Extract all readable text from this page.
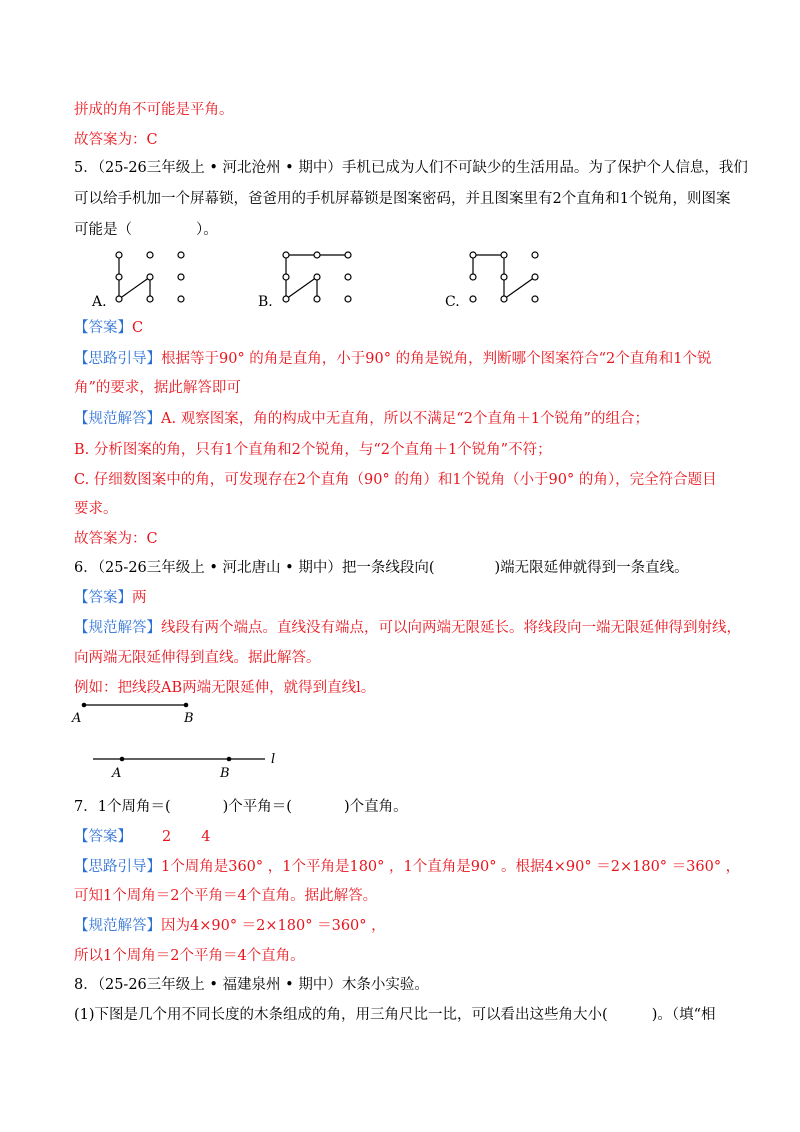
拼成的角不可能是平角。
故答案为：C
5．（25-26三年级上 • 河北沧州 • 期中）手机已成为人们不可缺少的生活用品。为了保护个人信息，我们
可以给手机加一个屏幕锁，爸爸用的手机屏幕锁是图案密码，并且图案里有2个直角和1个锐角，则图案
可能是（	）。
A.	B.	C.
【答案】C
【思路引导】根据等于90° 的角是直角，小于90° 的角是锐角，判断哪个图案符合“2个直角和1个锐
角”的要求，据此解答即可
【规范解答】A. 观察图案，角的构成中无直角，所以不满足“2个直角＋1个锐角”的组合；
B. 分析图案的角，只有1个直角和2个锐角，与“2个直角＋1个锐角”不符；
C. 仔细数图案中的角，可发现存在2个直角（90° 的角）和1个锐角（小于90° 的角），完全符合题目
要求。
故答案为：C
6．（25-26三年级上 • 河北唐山 • 期中）把一条线段向(	)端无限延伸就得到一条直线。
【答案】两
【规范解答】线段有两个端点。直线没有端点，可以向两端无限延长。将线段向一端无限延伸得到射线，
向两端无限延伸得到直线。据此解答。
例如：把线段AB两端无限延伸，就得到直线l。
A	B
A	B
l
7．1个周角＝(	)个平角＝(	)个直角。
【答案】 2 4
【思路引导】1个周角是360° ，1个平角是180° ，1个直角是90° 。根据4×90° ＝2×180° ＝360° ，
可知1个周角＝2个平角＝4个直角。据此解答。
【规范解答】因为4×90° ＝2×180° ＝360° ，
所以1个周角＝2个平角＝4个直角。
8．（25-26三年级上 • 福建泉州 • 期中）木条小实验。
(1)下图是几个用不同长度的木条组成的角，用三角尺比一比，可以看出这些角大小(	)。（填“相
